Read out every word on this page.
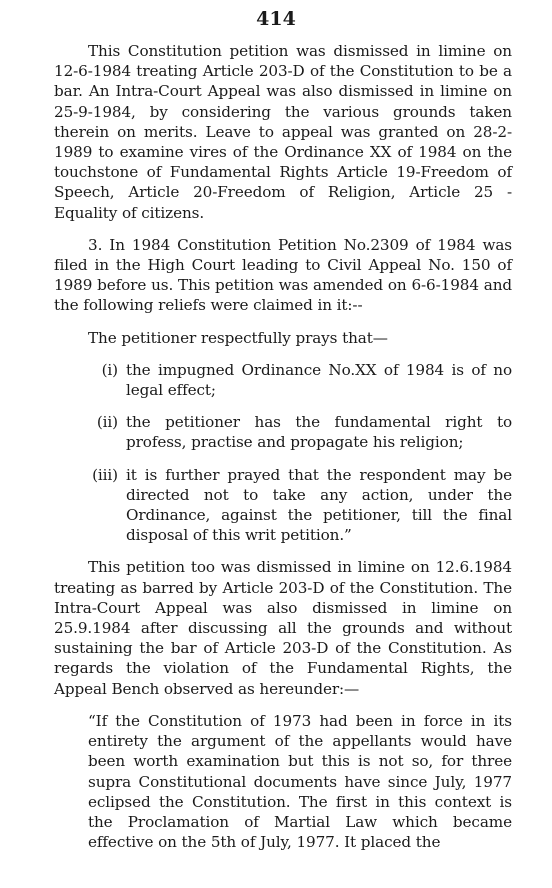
414

This Constitution petition was dismissed in limine on 12-6-1984 treating Article 203-D of the Constitution to be a bar. An Intra-Court Appeal was also dismissed in limine on 25-9-1984, by considering the various grounds taken therein on merits. Leave to appeal was granted on 28-2-1989 to examine vires of the Ordinance XX of 1984 on the touchstone of Fundamental Rights Article 19-Freedom of Speech, Article 20-Freedom of Religion, Article 25 - Equality of citizens.

3. In 1984 Constitution Petition No.2309 of 1984 was filed in the High Court leading to Civil Appeal No. 150 of 1989 before us. This petition was amended on 6-6-1984 and the following reliefs were claimed in it:--

The petitioner respectfully prays that—

(i) the impugned Ordinance No.XX of 1984 is of no legal effect;
(ii) the petitioner has the fundamental right to profess, practise and propagate his religion;
(iii) it is further prayed that the respondent may be directed not to take any action, under the Ordinance, against the petitioner, till the final disposal of this writ petition.”

This petition too was dismissed in limine on 12.6.1984 treating as barred by Article 203-D of the Constitution. The Intra-Court Appeal was also dismissed in limine on 25.9.1984 after discussing all the grounds and without sustaining the bar of Article 203-D of the Constitution. As regards the violation of the Fundamental Rights, the Appeal Bench observed as hereunder:—

“If the Constitution of 1973 had been in force in its entirety the argument of the appellants would have been worth examination but this is not so, for three supra Constitutional documents have since July, 1977 eclipsed the Constitution. The first in this context is the Proclamation of Martial Law which became effective on the 5th of July, 1977. It placed the
